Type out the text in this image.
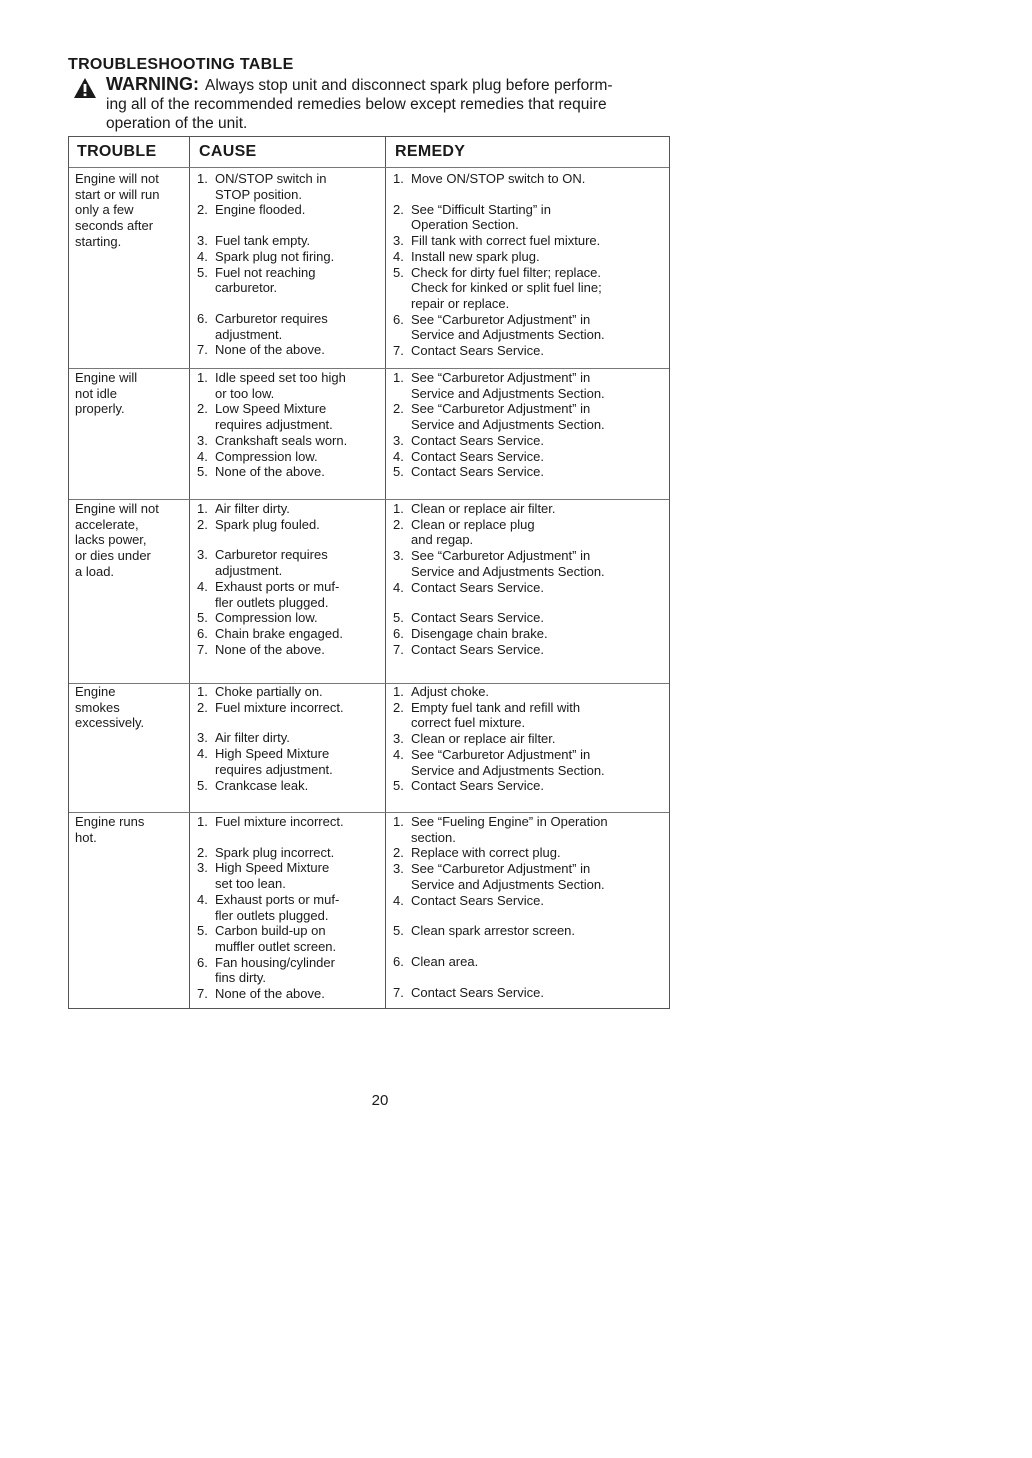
TROUBLESHOOTING TABLE

WARNING: Always stop unit and disconnect spark plug before perform-
ing all of the recommended remedies below except remedies that require
operation of the unit.

TROUBLE	CAUSE	REMEDY
Engine will not
start or will run
only a few
seconds after
starting.
1. ON/STOP switch in
STOP position.
2. Engine flooded.
3. Fuel tank empty.
4. Spark plug not firing.
5. Fuel not reaching
carburetor.
6. Carburetor requires
adjustment.
7. None of the above.
1. Move ON/STOP switch to ON.
2. See “Difficult Starting” in
Operation Section.
3. Fill tank with correct fuel mixture.
4. Install new spark plug.
5. Check for dirty fuel filter; replace.
Check for kinked or split fuel line;
repair or replace.
6. See “Carburetor Adjustment” in
Service and Adjustments Section.
7. Contact Sears Service.
Engine will
not idle
properly.
1. Idle speed set too high
or too low.
2. Low Speed Mixture
requires adjustment.
3. Crankshaft seals worn.
4. Compression low.
5. None of the above.
1. See “Carburetor Adjustment” in
Service and Adjustments Section.
2. See “Carburetor Adjustment” in
Service and Adjustments Section.
3. Contact Sears Service.
4. Contact Sears Service.
5. Contact Sears Service.
Engine will not
accelerate,
lacks power,
or dies under
a load.
1. Air filter dirty.
2. Spark plug fouled.
3. Carburetor requires
adjustment.
4. Exhaust ports or muf-
fler outlets plugged.
5. Compression low.
6. Chain brake engaged.
7. None of the above.
1. Clean or replace air filter.
2. Clean or replace plug
and regap.
3. See “Carburetor Adjustment” in
Service and Adjustments Section.
4. Contact Sears Service.
5. Contact Sears Service.
6. Disengage chain brake.
7. Contact Sears Service.
Engine
smokes
excessively.
1. Choke partially on.
2. Fuel mixture incorrect.
3. Air filter dirty.
4. High Speed Mixture
requires adjustment.
5. Crankcase leak.
1. Adjust choke.
2. Empty fuel tank and refill with
correct fuel mixture.
3. Clean or replace air filter.
4. See “Carburetor Adjustment” in
Service and Adjustments Section.
5. Contact Sears Service.
Engine runs
hot.
1. Fuel mixture incorrect.
2. Spark plug incorrect.
3. High Speed Mixture
set too lean.
4. Exhaust ports or muf-
fler outlets plugged.
5. Carbon build-up on
muffler outlet screen.
6. Fan housing/cylinder
fins dirty.
7. None of the above.
1. See “Fueling Engine” in Operation
section.
2. Replace with correct plug.
3. See “Carburetor Adjustment” in
Service and Adjustments Section.
4. Contact Sears Service.
5. Clean spark arrestor screen.
6. Clean area.
7. Contact Sears Service.
20
